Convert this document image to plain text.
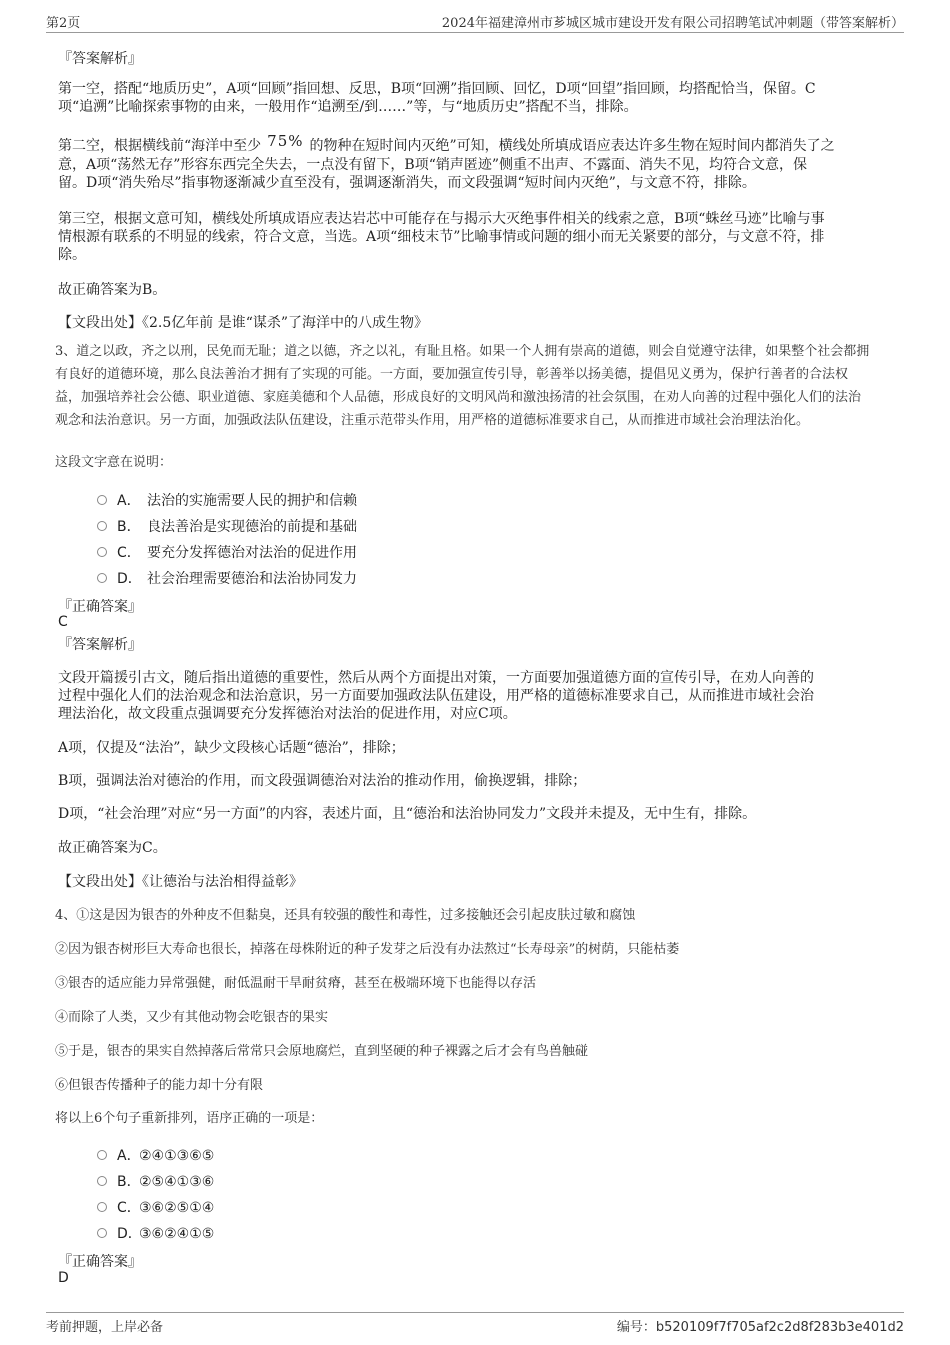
第2页	2024年福建漳州市芗城区城市建设开发有限公司招聘笔试冲刺题（带答案解析）
『答案解析』
第一空，搭配“地质历史”，A项“回顾”指回想、反思，B项“回溯”指回顾、回忆，D项“回望”指回顾，均搭配恰当，保留。C
项“追溯”比喻探索事物的由来，一般用作“追溯至/到……”等，与“地质历史”搭配不当，排除。
第二空，根据横线前“海洋中至少 75% 的物种在短时间内灭绝”可知，横线处所填成语应表达许多生物在短时间内都消失了之
意，A项“荡然无存”形容东西完全失去，一点没有留下，B项“销声匿迹”侧重不出声、不露面、消失不见，均符合文意，保
留。D项“消失殆尽”指事物逐渐减少直至没有，强调逐渐消失，而文段强调“短时间内灭绝”，与文意不符，排除。
第三空，根据文意可知，横线处所填成语应表达岩芯中可能存在与揭示大灭绝事件相关的线索之意，B项“蛛丝马迹”比喻与事
情根源有联系的不明显的线索，符合文意，当选。A项“细枝末节”比喻事情或问题的细小而无关紧要的部分，与文意不符，排
除。
故正确答案为B。
【文段出处】《2.5亿年前 是谁“谋杀”了海洋中的八成生物》
3、道之以政，齐之以刑，民免而无耻；道之以德，齐之以礼，有耻且格。如果一个人拥有崇高的道德，则会自觉遵守法律，如果整个社会都拥
有良好的道德环境，那么良法善治才拥有了实现的可能。一方面，要加强宣传引导，彰善举以扬美德，提倡见义勇为，保护行善者的合法权
益，加强培养社会公德、职业道德、家庭美德和个人品德，形成良好的文明风尚和激浊扬清的社会氛围，在劝人向善的过程中强化人们的法治
观念和法治意识。另一方面，加强政法队伍建设，注重示范带头作用，用严格的道德标准要求自己，从而推进市域社会治理法治化。
这段文字意在说明：
A． 法治的实施需要人民的拥护和信赖
B． 良法善治是实现德治的前提和基础
C． 要充分发挥德治对法治的促进作用
D． 社会治理需要德治和法治协同发力
『正确答案』
C
『答案解析』
文段开篇援引古文，随后指出道德的重要性，然后从两个方面提出对策，一方面要加强道德方面的宣传引导，在劝人向善的
过程中强化人们的法治观念和法治意识，另一方面要加强政法队伍建设，用严格的道德标准要求自己，从而推进市域社会治
理法治化，故文段重点强调要充分发挥德治对法治的促进作用，对应C项。
A项，仅提及“法治”，缺少文段核心话题“德治”，排除；
B项，强调法治对德治的作用，而文段强调德治对法治的推动作用，偷换逻辑，排除；
D项，“社会治理”对应“另一方面”的内容，表述片面，且“德治和法治协同发力”文段并未提及，无中生有，排除。
故正确答案为C。
【文段出处】《让德治与法治相得益彰》
4、①这是因为银杏的外种皮不但黏臭，还具有较强的酸性和毒性，过多接触还会引起皮肤过敏和腐蚀
②因为银杏树形巨大寿命也很长，掉落在母株附近的种子发芽之后没有办法熬过“长寿母亲”的树荫，只能枯萎
③银杏的适应能力异常强健，耐低温耐干旱耐贫瘠，甚至在极端环境下也能得以存活
④而除了人类，又少有其他动物会吃银杏的果实
⑤于是，银杏的果实自然掉落后常常只会原地腐烂，直到坚硬的种子裸露之后才会有鸟兽触碰
⑥但银杏传播种子的能力却十分有限
将以上6个句子重新排列，语序正确的一项是：
A．②④①③⑥⑤
B．②⑤④①③⑥
C．③⑥②⑤①④
D．③⑥②④①⑤
『正确答案』
D
考前押题，上岸必备	编号：b520109f7f705af2c2d8f283b3e401d2
